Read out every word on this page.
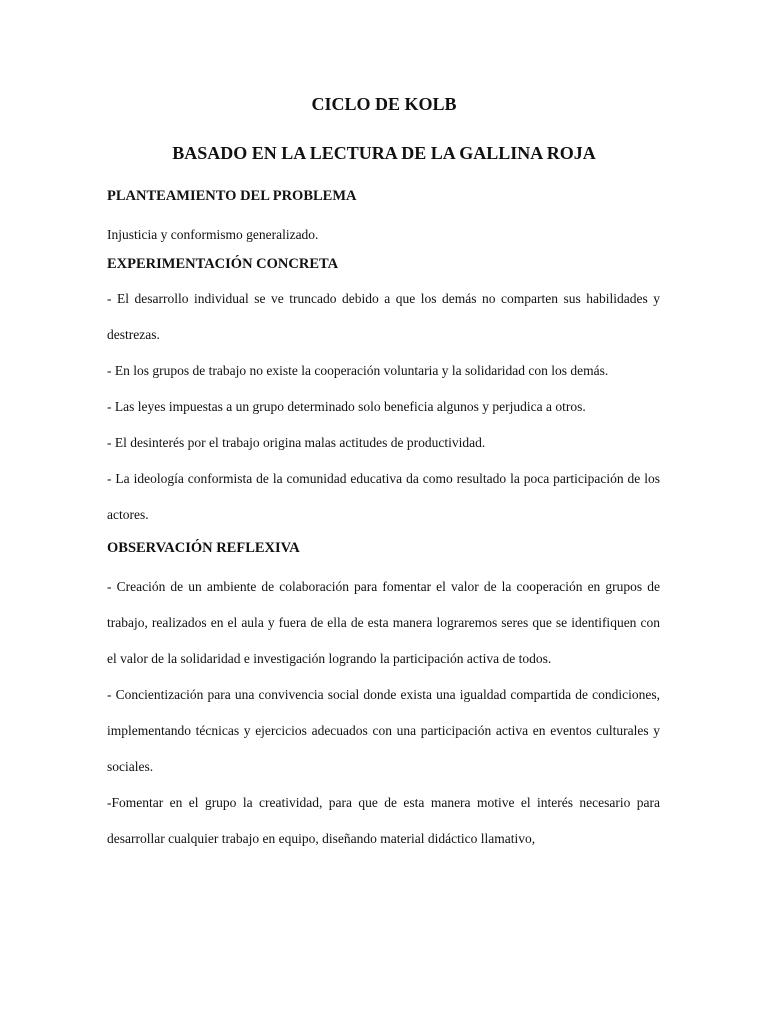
CICLO DE KOLB
BASADO EN LA LECTURA DE LA GALLINA ROJA
PLANTEAMIENTO DEL PROBLEMA

Injusticia y conformismo generalizado.

EXPERIMENTACIÓN CONCRETA

- El desarrollo individual se ve truncado debido a que los demás no comparten sus habilidades y destrezas.

- En los grupos de trabajo no existe la cooperación voluntaria y la solidaridad con los demás.

- Las leyes impuestas a un grupo determinado solo beneficia algunos y perjudica a otros.

- El desinterés por el trabajo origina malas actitudes de productividad.

- La ideología conformista de la comunidad educativa da como resultado la poca participación de los actores.

OBSERVACIÓN REFLEXIVA

- Creación de un ambiente de colaboración para fomentar el valor de la cooperación en grupos de trabajo, realizados en el aula y fuera de ella de esta manera lograremos seres que se identifiquen con el valor de la solidaridad e investigación logrando la participación activa de todos.

- Concientización para una convivencia social donde exista una igualdad compartida de condiciones, implementando técnicas y ejercicios adecuados con una participación activa en eventos culturales y sociales.

-Fomentar en el grupo la creatividad, para que de esta manera motive el interés necesario para desarrollar cualquier trabajo en equipo, diseñando material didáctico llamativo,
